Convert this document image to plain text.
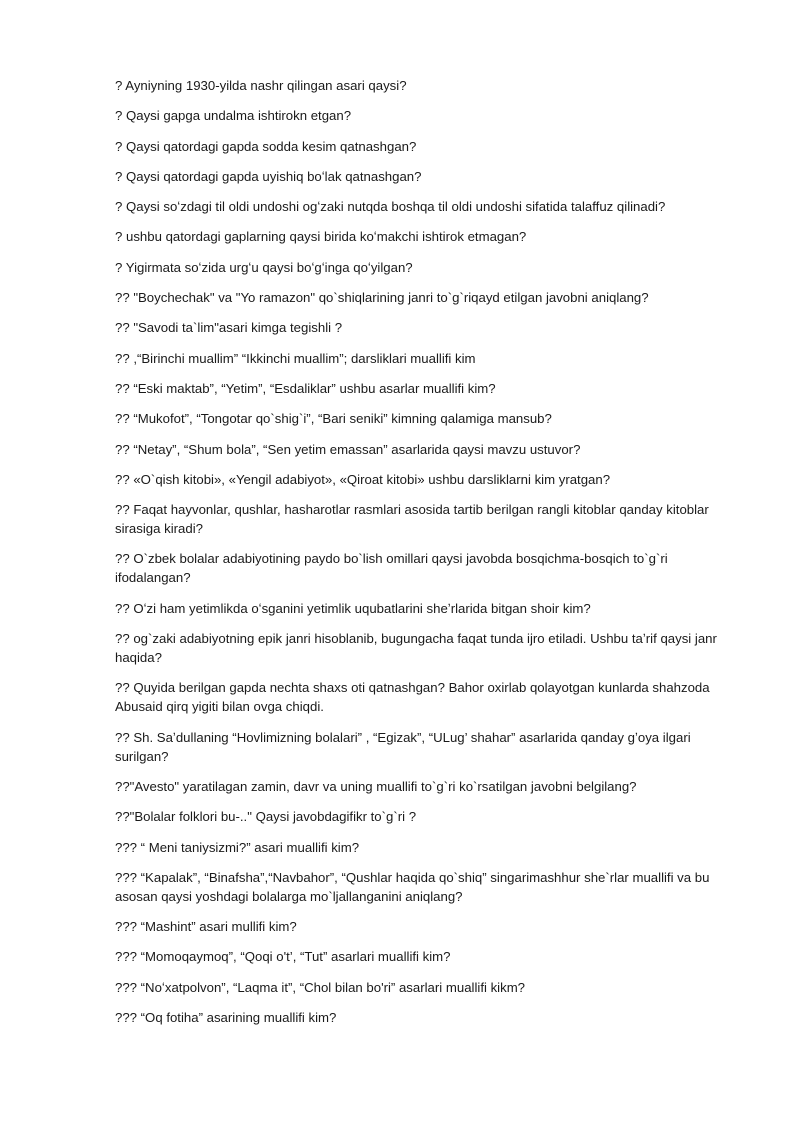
? Ayniyning 1930-yilda nashr qilingan asari qaysi?
? Qaysi gapga undalma ishtirokn etgan?
? Qaysi qatordagi gapda sodda kesim qatnashgan?
? Qaysi qatordagi gapda uyishiq boʻlak qatnashgan?
? Qaysi soʻzdagi til oldi undoshi ogʻzaki nutqda boshqa til oldi undoshi sifatida talaffuz qilinadi?
? ushbu qatordagi gaplarning qaysi birida koʻmakchi ishtirok etmagan?
? Yigirmata soʻzida urgʻu qaysi boʻgʻinga qoʻyilgan?
?? "Boychechak" va "Yo ramazon" qo`shiqlarining janri to`g`riqayd etilgan javobni aniqlang?
?? "Savodi ta`lim"asari kimga tegishli ?
?? ,“Birinchi muallim” “Ikkinchi muallim”; darsliklari muallifi kim
?? “Eski maktab”, “Yetim”, “Esdaliklar” ushbu asarlar muallifi kim?
?? “Mukofot”, “Tongotar qo`shig`i”, “Bari seniki” kimning qalamiga mansub?
?? “Netay”, “Shum bola”, “Sen yetim emassan” asarlarida qaysi mavzu ustuvor?
?? «O`qish kitobi», «Yengil adabiyot», «Qiroat kitobi» ushbu darsliklarni kim yratgan?
?? Faqat hayvonlar, qushlar, hasharotlar rasmlari asosida tartib berilgan rangli kitoblar qanday kitoblar sirasiga kiradi?
?? O`zbek bolalar adabiyotining paydo bo`lish omillari qaysi javobda bosqichma-bosqich to`g`ri ifodalangan?
?? Oʻzi ham yetimlikda oʻsganini yetimlik uqubatlarini sheʼrlarida bitgan shoir kim?
?? og`zaki adabiyotning epik janri hisoblanib, bugungacha faqat tunda ijro etiladi. Ushbu taʼrif qaysi janr haqida?
?? Quyida berilgan gapda nechta shaxs oti qatnashgan? Bahor oxirlab qolayotgan kunlarda shahzoda Abusaid qirq yigiti bilan ovga chiqdi.
?? Sh. Saʼdullaning “Hovlimizning bolalari” , “Egizak”, “ULug’ shahar” asarlarida qanday gʼoya ilgari surilgan?
??"Avesto" yaratilagan zamin, davr va uning muallifi to`g`ri ko`rsatilgan javobni belgilang?
??"Bolalar folklori bu-.." Qaysi javobdagifikr to`g`ri ?
??? “ Meni taniysizmi?” asari muallifi kim?
??? “Kapalak”, “Binafsha”,“Navbahor”, “Qushlar haqida qo`shiq” singarimashhur she`rlar muallifi va bu asosan qaysi yoshdagi bolalarga mo`ljallanganini aniqlang?
??? “Mashint” asari mullifi kim?
??? “Momoqaymoq”, “Qoqi o't’, “Tut” asarlari muallifi kim?
??? “Noʻxatpolvon”, “Laqma it”, “Chol bilan bo'ri” asarlari muallifi kikm?
??? “Oq fotiha” asarining muallifi kim?
